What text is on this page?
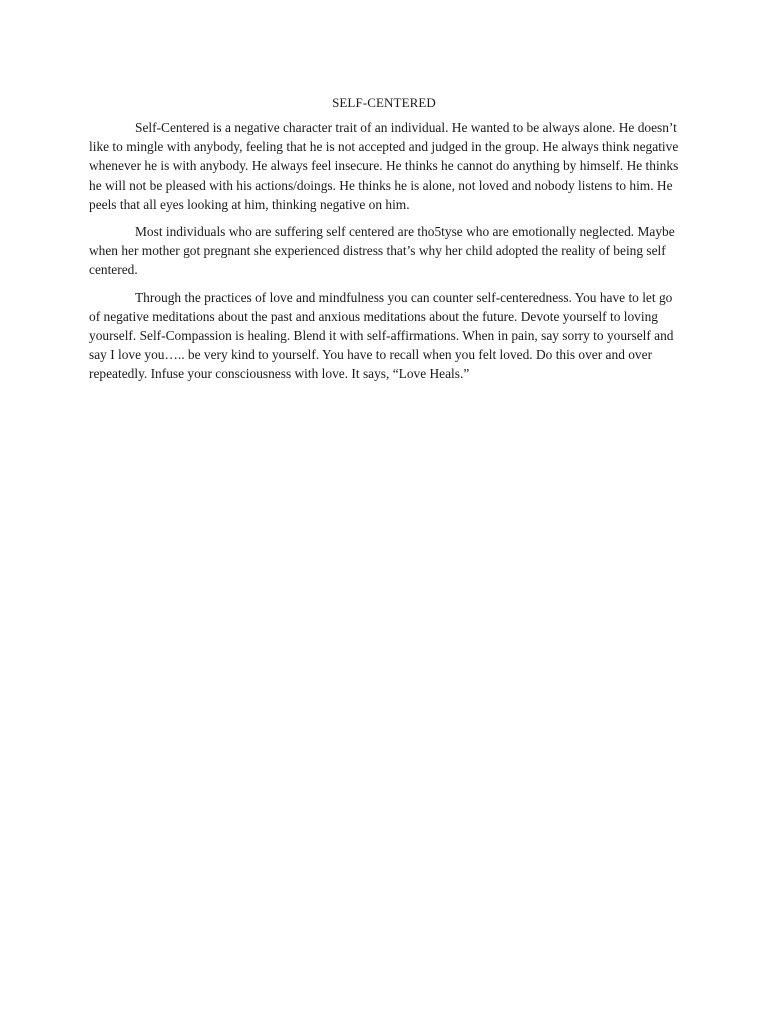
SELF-CENTERED

Self-Centered is a negative character trait of an individual. He wanted to be always alone. He doesn’t like to mingle with anybody, feeling that he is not accepted and judged in the group. He always think negative whenever he is with anybody. He always feel insecure. He thinks he cannot do anything by himself. He thinks he will not be pleased with his actions/doings. He thinks he is alone, not loved and nobody listens to him. He peels that all eyes looking at him, thinking negative on him.

Most individuals who are suffering self centered are tho5tyse who are emotionally neglected. Maybe when her mother got pregnant she experienced distress that’s why her child adopted the reality of being self centered.

Through the practices of love and mindfulness you can counter self-centeredness. You have to let go of negative meditations about the past and anxious meditations about the future. Devote yourself to loving yourself. Self-Compassion is healing. Blend it with self-affirmations. When in pain, say sorry to yourself and say I love you….. be very kind to yourself. You have to recall when you felt loved. Do this over and over repeatedly. Infuse your consciousness with love. It says, “Love Heals.”
